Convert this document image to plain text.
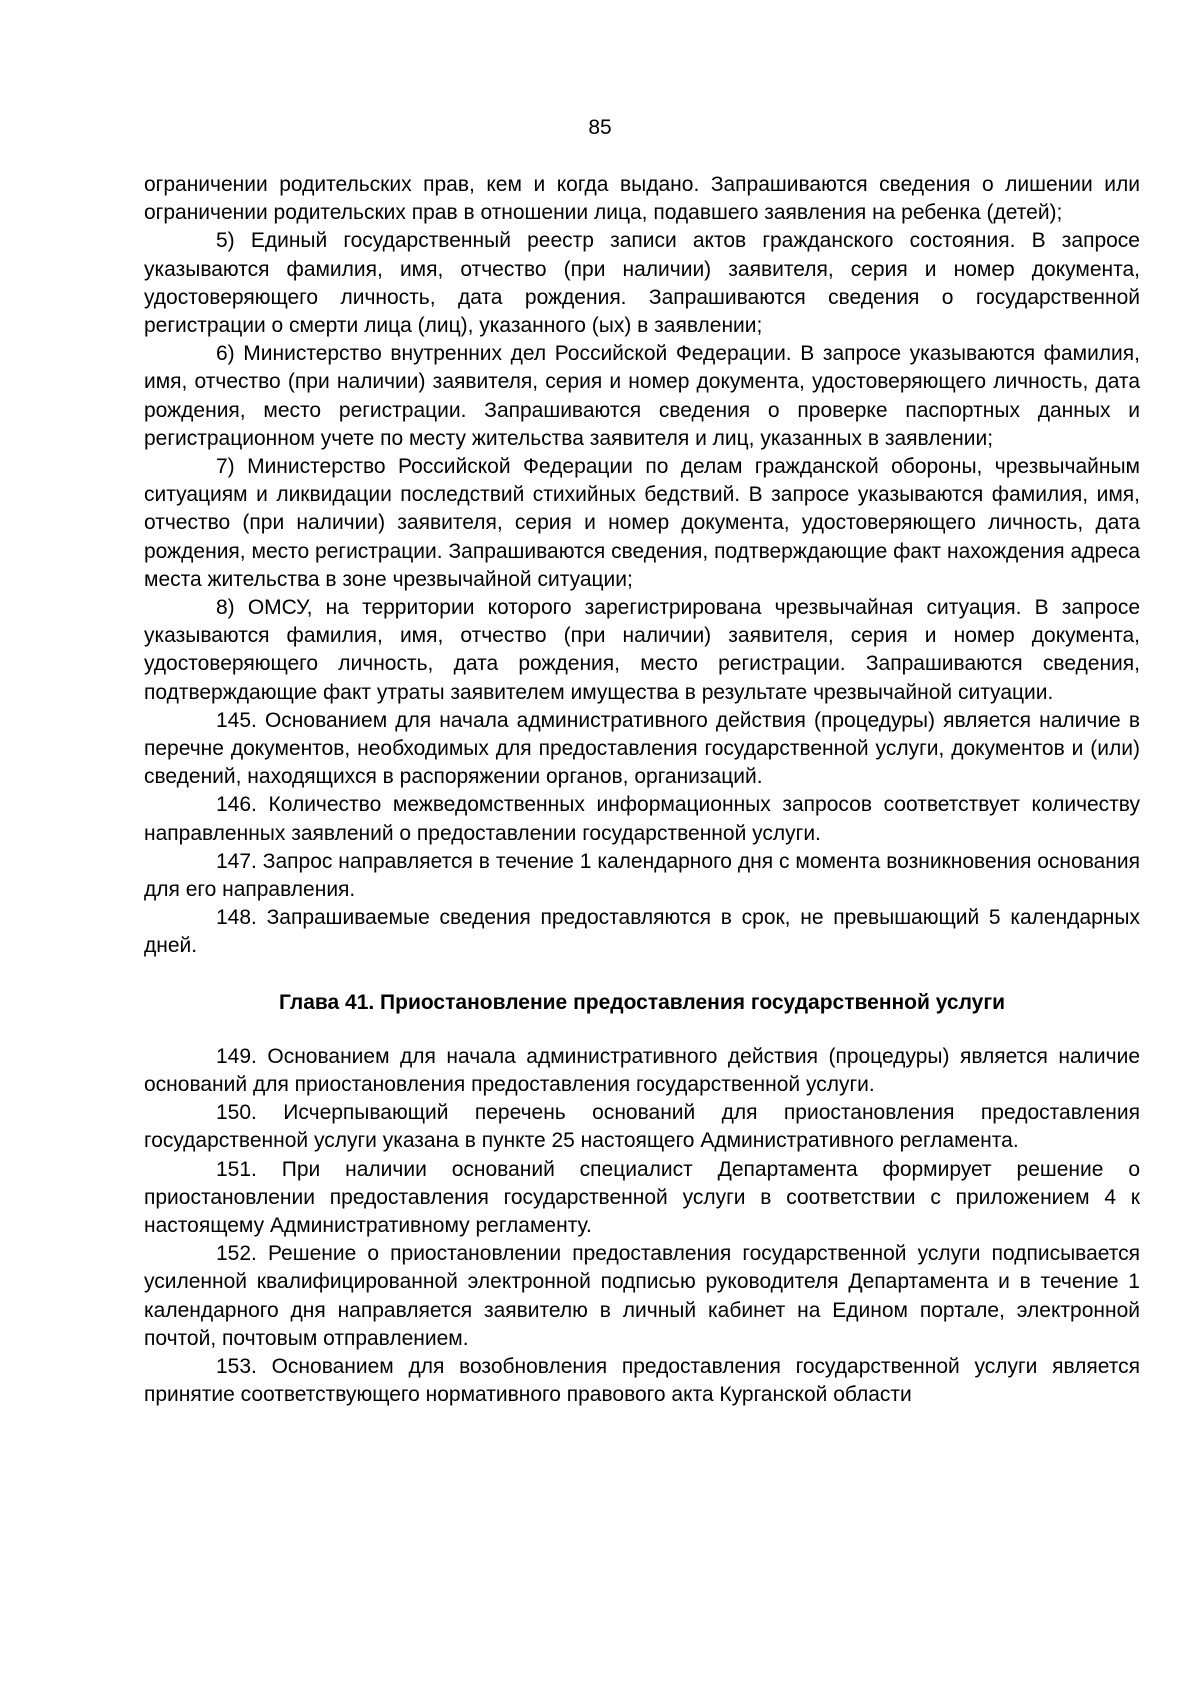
85

ограничении родительских прав, кем и когда выдано. Запрашиваются сведения о лишении или ограничении родительских прав в отношении лица, подавшего заявления на ребенка (детей);

5) Единый государственный реестр записи актов гражданского состояния. В запросе указываются фамилия, имя, отчество (при наличии) заявителя, серия и номер документа, удостоверяющего личность, дата рождения. Запрашиваются сведения о государственной регистрации о смерти лица (лиц), указанного (ых) в заявлении;

6) Министерство внутренних дел Российской Федерации. В запросе указываются фамилия, имя, отчество (при наличии) заявителя, серия и номер документа, удостоверяющего личность, дата рождения, место регистрации. Запрашиваются сведения о проверке паспортных данных и регистрационном учете по месту жительства заявителя и лиц, указанных в заявлении;

7) Министерство Российской Федерации по делам гражданской обороны, чрезвычайным ситуациям и ликвидации последствий стихийных бедствий. В запросе указываются фамилия, имя, отчество (при наличии) заявителя, серия и номер документа, удостоверяющего личность, дата рождения, место регистрации. Запрашиваются сведения, подтверждающие факт нахождения адреса места жительства в зоне чрезвычайной ситуации;

8) ОМСУ, на территории которого зарегистрирована чрезвычайная ситуация. В запросе указываются фамилия, имя, отчество (при наличии) заявителя, серия и номер документа, удостоверяющего личность, дата рождения, место регистрации. Запрашиваются сведения, подтверждающие факт утраты заявителем имущества в результате чрезвычайной ситуации.

145. Основанием для начала административного действия (процедуры) является наличие в перечне документов, необходимых для предоставления государственной услуги, документов и (или) сведений, находящихся в распоряжении органов, организаций.

146. Количество межведомственных информационных запросов соответствует количеству направленных заявлений о предоставлении государственной услуги.

147. Запрос направляется в течение 1 календарного дня с момента возникновения основания для его направления.

148. Запрашиваемые сведения предоставляются в срок, не превышающий 5 календарных дней.

Глава 41. Приостановление предоставления государственной услуги

149. Основанием для начала административного действия (процедуры) является наличие оснований для приостановления предоставления государственной услуги.

150. Исчерпывающий перечень оснований для приостановления предоставления государственной услуги указана в пункте 25 настоящего Административного регламента.

151. При наличии оснований специалист Департамента формирует решение о приостановлении предоставления государственной услуги в соответствии с приложением 4 к настоящему Административному регламенту.

152. Решение о приостановлении предоставления государственной услуги подписывается усиленной квалифицированной электронной подписью руководителя Департамента и в течение 1 календарного дня направляется заявителю в личный кабинет на Едином портале, электронной почтой, почтовым отправлением.

153. Основанием для возобновления предоставления государственной услуги является принятие соответствующего нормативного правового акта Курганской области
